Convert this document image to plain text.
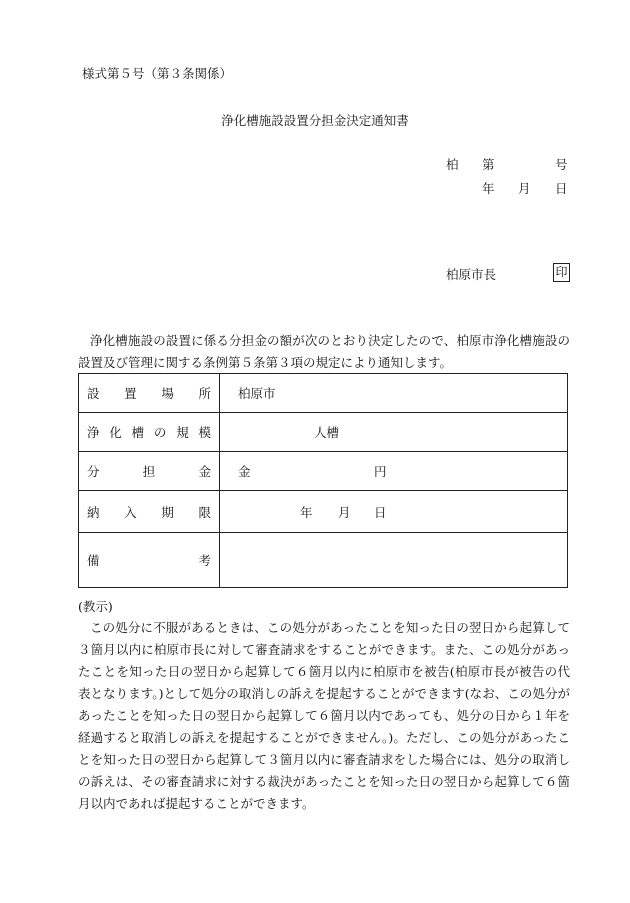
様式第５号（第３条関係）
浄化槽施設設置分担金決定通知書
柏 第	号
年 月 日
柏原市長	印
浄化槽施設の設置に係る分担金の額が次のとおり決定したので、柏原市浄化槽施設の設置及び管理に関する条例第５条第３項の規定により通知します。
設置場所	柏原市

浄化槽の規模	人槽

分担金	金 円

納入期限	年 月 日

備考	

(教示)
この処分に不服があるときは、この処分があったことを知った日の翌日から起算して３箇月以内に柏原市長に対して審査請求をすることができます。また、この処分があったことを知った日の翌日から起算して６箇月以内に柏原市を被告(柏原市長が被告の代表となります。)として処分の取消しの訴えを提起することができます(なお、この処分があったことを知った日の翌日から起算して６箇月以内であっても、処分の日から１年を経過すると取消しの訴えを提起することができません。)。ただし、この処分があったことを知った日の翌日から起算して３箇月以内に審査請求をした場合には、処分の取消しの訴えは、その審査請求に対する裁決があったことを知った日の翌日から起算して６箇月以内であれば提起することができます。
